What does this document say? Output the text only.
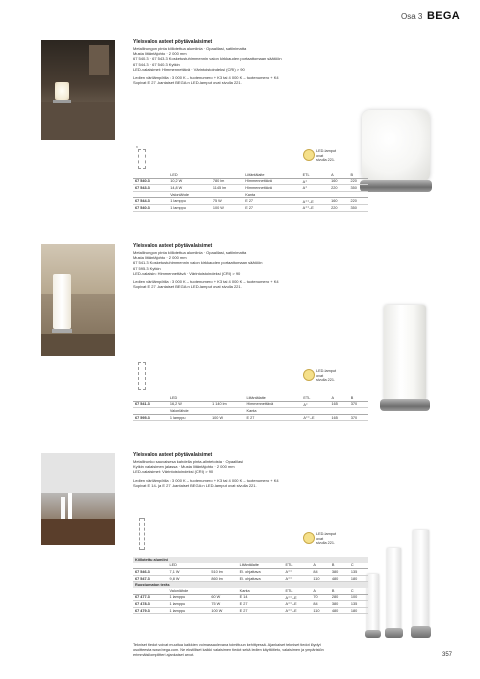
Osa 3 BEGA
Yleisvalos asteet pöytävalaisimet
Metallirungon pinta kiillotettua alumiinia · Opaalilasi, satiinimatta
Musta liitäntäjohto · 2 000 mm
67 540.3 · 67 543.3 Kosketustuhimmennin vaion kirkkauden portaattomaan säätöön
67 544.3 · 67 540.3 Kytkin
LED-valaisimet: Himmennettävä · Värintoistoindeksi (CRI) > 90
Ledien värilämpötila : 3 000 K – tuotenumero + K3 tai 4 000 K – tuotenumero + K4
Sopivat E 27 -kantaiset BEGA:n LED-lamput ovat sivulla 221.
B
LED-lamput
ovat
sivulla 221.
	LED		Liitäntälaite	ETL	A	B
67 540.3	10,2 W	780 lm	Himmennettävä	A⁺	160	220
67 543.3	14,8 W	1145 lm	Himmennettävä	A⁺	220	350
	Valonlähde		Kanta			
67 544.3	1 lamppu	75 W	E 27	A⁺⁺–E	160	220
67 540.3	1 lamppu	100 W	E 27	A⁺⁺–E	220	350
Yleisvalos asteet pöytävalaisimet
Metallirungon pinta kiillotettua alumiinia · Opaalilasi, satiinimatta
Musta liitäntäjohto · 2 000 mm
67 541.3 Kosketustuhimmennin vaion kirkkauden portaattomaan säätöön
67 595.3 Kytkin
LED-valaisin: Himmennettävä · Värintoistoindeksi (CRI) > 90
Ledien värilämpötila : 3 000 K – tuotenumero + K3 tai 4 000 K – tuotenumero + K4
Sopivat E 27 -kantaiset BEGA:n LED-lamput ovat sivulla 221.
LED-lamput
ovat
sivulla 221.
	LED		Liitäntälaite	ETL	A	B
67 541.3	16,2 W	1 140 lm	Himmennettävä	A⁺	165	370
	Valonlähde		Kanta			
67 595.3	1 lamppu	100 W	E 27	A⁺⁺–E	165	370
Yleisvalos asteet pöytävalaisimet
Metallirunko sauvaisesa kahdella pinta-alintetoista · Opaalilasi
Kytkin valaisimen jalassa · Musta liitäntäjohto · 2 000 mm
LED-valaisimet: Värintoistoindeksi (CRI) > 90
Ledien värilämpötila : 3 000 K – tuotenumero + K3 tai 4 000 K – tuotenumero + K4
Sopivat E 14- ja E 27 -kantaiset BEGA:n LED-lamput ovat sivulla 221.
LED-lamput
ovat
sivulla 221.
Kiillotettu alumiini							
	LED		Liitäntälaite	ETL	A	B	C
67 546.3	7,1 W	510 lm	El. ohjattava	A⁺⁺	84	380	135
67 547.3	9,8 W	860 lm	El. ohjattava	A⁺⁺	110	480	180
Ruostumaton teräs							
	Valonlähde		Kanta	ETL	A	B	C
67 477.3	1 lamppu	60 W	E 14	A⁺⁺–E	70	280	100
67 478.3	1 lamppu	75 W	E 27	A⁺⁺–E	84	380	135
67 479.3	1 lamppu	100 W	E 27	A⁺⁺–E	110	480	180
Tekniset tiedot voivat muuttua kaikkien voimassaolevana toimittuun kehittyessä. Ajankaiset tekniset tiedot löydyt
osoitteesta www.bega.com. Ne ekstilliset kaikki valaisimen tiedot sekä ledien käyttötieto, valaisimen ja ympäristön
erimmäisilomplitteri ajankaiset arvot.	357
